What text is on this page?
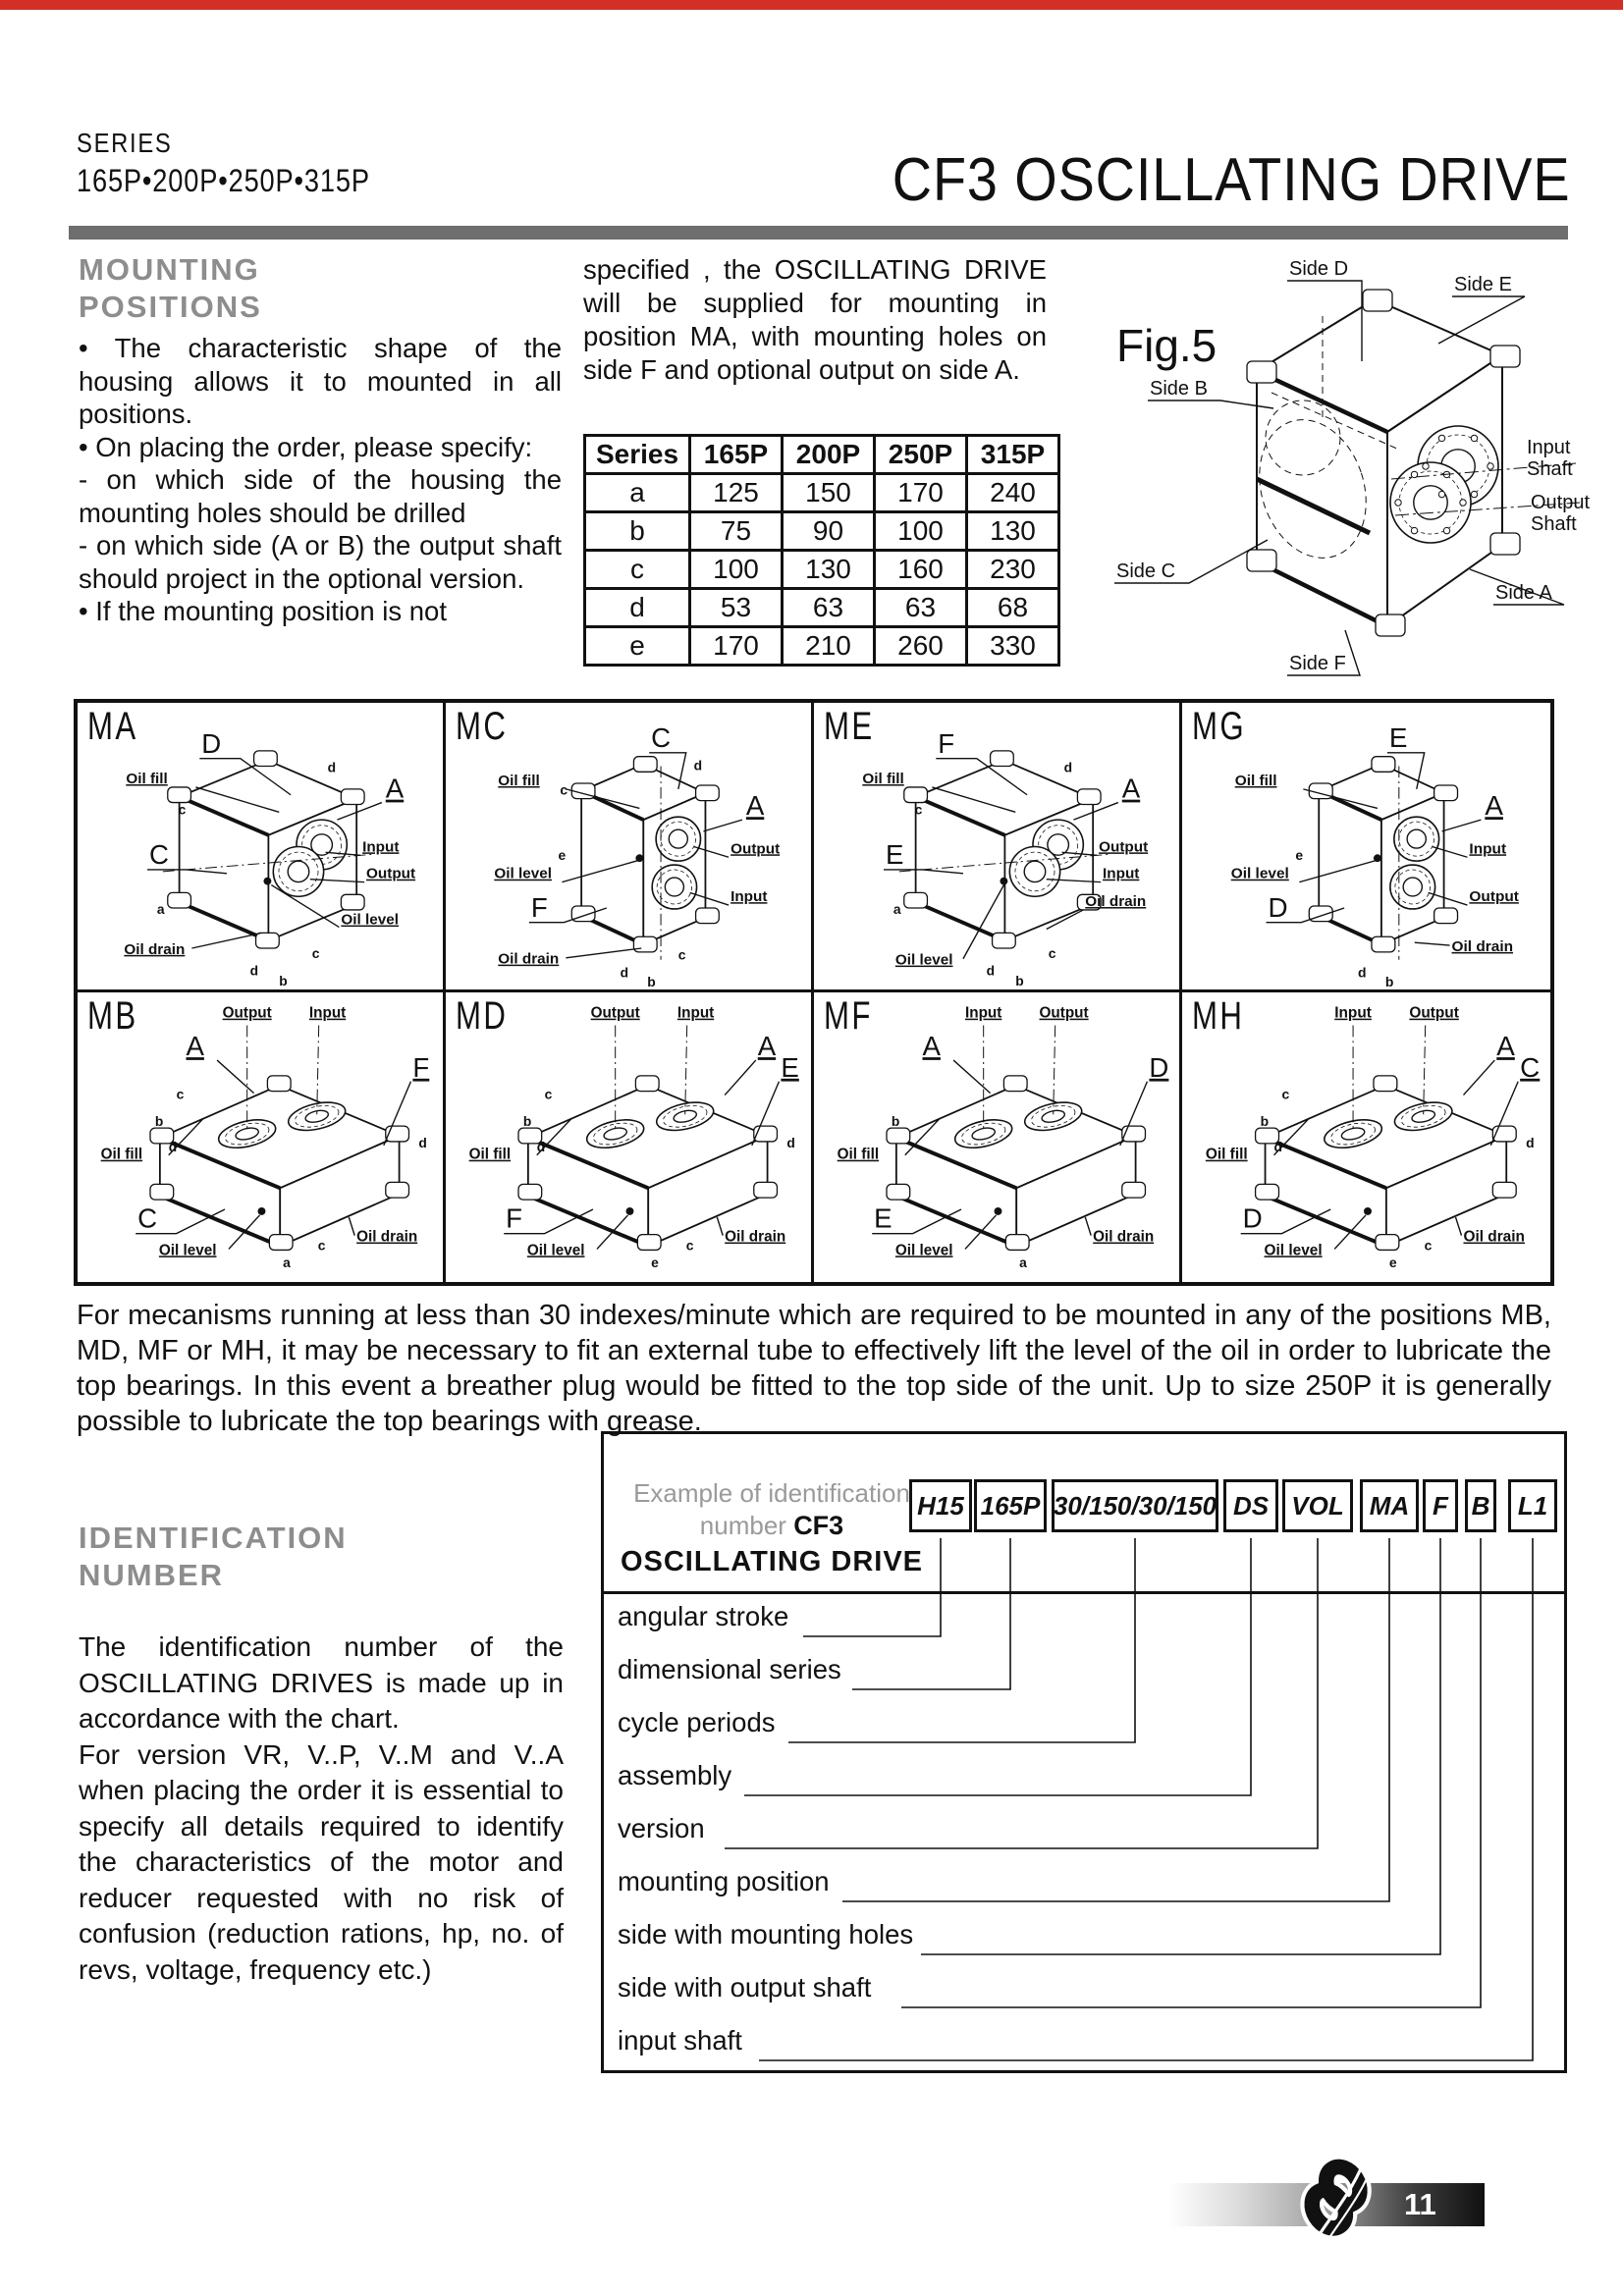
SERIES
165P•200P•250P•315P	CF3 OSCILLATING DRIVE
MOUNTING
POSITIONS
• The characteristic shape of the housing allows it to mounted in all positions.
• On placing the order, please specify:
- on which side of the housing the mounting holes should be drilled
- on which side (A or B) the output shaft should project in the optional version.
• If the mounting position is not
specified , the OSCILLATING DRIVE will be supplied for mounting in position MA, with mounting holes on side F and optional output on side A.
Series	165P	200P	250P	315P
a	125	150	170	240
b	75	90	100	130
c	100	130	160	230
d	53	63	63	68
e	170	210	260	330
Fig.5
Side D
Side E
Side B
Side C
Side F
Side A
Input
Shaft
Output
Shaft
D
Oil fill	A
Input
Output
Oil level
C
Oil drain
c
d
a
d
b
c
MA	C
Oil fill
A
Output
Input
Oil level
F
Oil drain
c
d
e
d
b
c
MC	F
Oil fill	A
Output
Input
Oil level
E
Oil drain
c
d
a
d
b
c
ME	E
Oil fill
A
Input
Output
Oil level
D
Oil drain
e
d
b
MG
Output Input
A
F
C
Oil fill
Oil level
Oil drain
c
b
d	d
a
c
MB	Output Input
A
E
F
Oil fill
Oil level
Oil drain
c
b
d	d
e
c
MD	Input Output
A
D
E
Oil fill
Oil level
Oil drain
b
a
MF	Input Output
A
C
D
Oil fill
Oil level
Oil drain
c
b
d	d
e
c
MH
For mecanisms running at less than 30 indexes/minute which are required to be mounted in any of the positions MB, MD, MF or MH, it may be necessary to fit an external tube to effectively lift the level of the oil in order to lubricate the top bearings. In this event a breather plug would be fitted to the top side of the unit. Up to size 250P it is generally possible to lubricate the top bearings with grease.
IDENTIFICATION
NUMBER

The identification number of the OSCILLATING DRIVES is made up in accordance with the chart.

For version VR, V..P, V..M and V..A when placing the order it is essential to specify all details required to identify the characteristics of the motor and reducer requested with no risk of confusion (reduction rations, hp, no. of revs, voltage, frequency etc.)

Example of identification
number CF3
OSCILLATING DRIVE
H15 165P 30/150/30/150 DS VOL	MA F B	L1
angular stroke
dimensional series
cycle periods
assembly
version
mounting position
side with mounting holes
side with output shaft
input shaft
11
